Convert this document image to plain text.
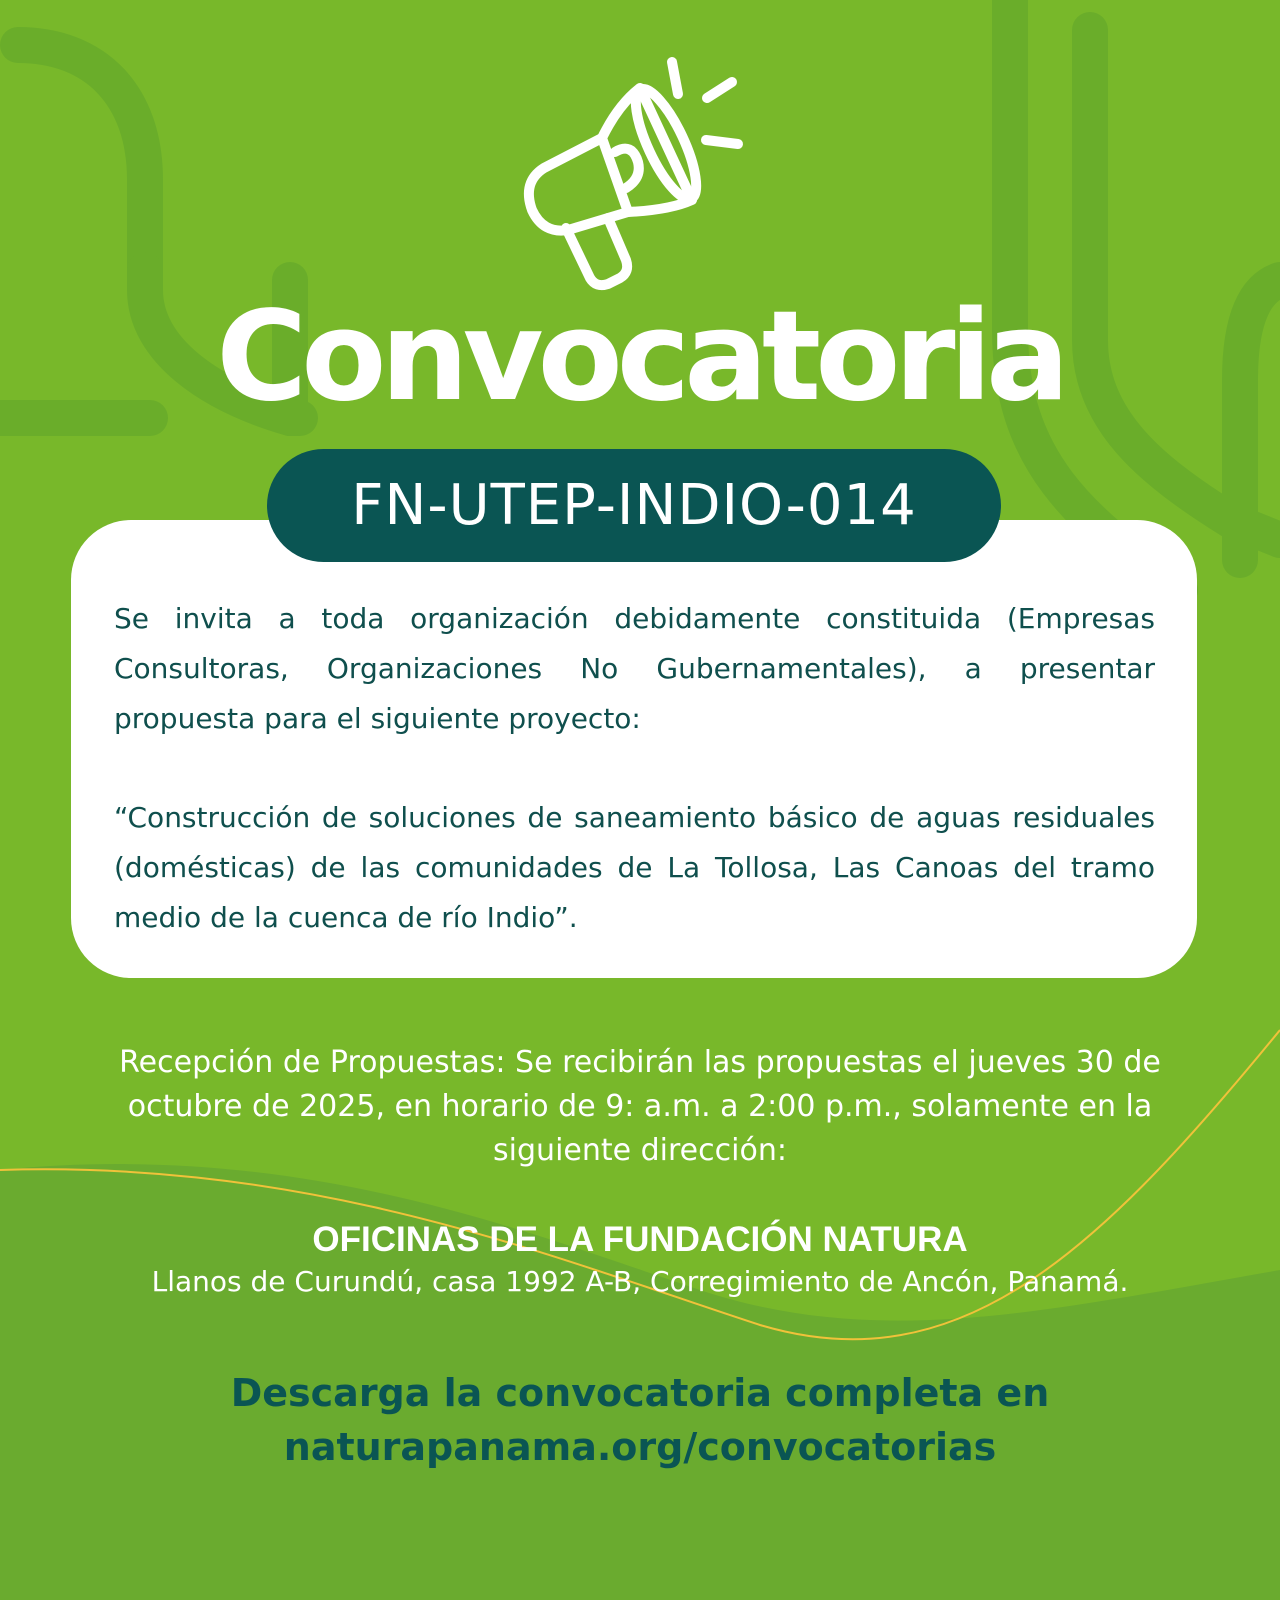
Convocatoria

Se invita a toda organización debidamente constituida (Empresas Consultoras, Organizaciones No Gubernamentales), a presentar propuesta para el siguiente proyecto:

“Construcción de soluciones de saneamiento básico de aguas residuales (domésticas) de las comunidades de La Tollosa, Las Canoas del tramo medio de la cuenca de río Indio”.

FN-UTEP-INDIO-014

Recepción de Propuestas: Se recibirán las propuestas el jueves 30 de octubre de 2025, en horario de 9: a.m. a 2:00 p.m., solamente en la siguiente dirección:

OFICINAS DE LA FUNDACIÓN NATURA

Llanos de Curundú, casa 1992 A-B, Corregimiento de Ancón, Panamá.

Descarga la convocatoria completa en
naturapanama.org/convocatorias
